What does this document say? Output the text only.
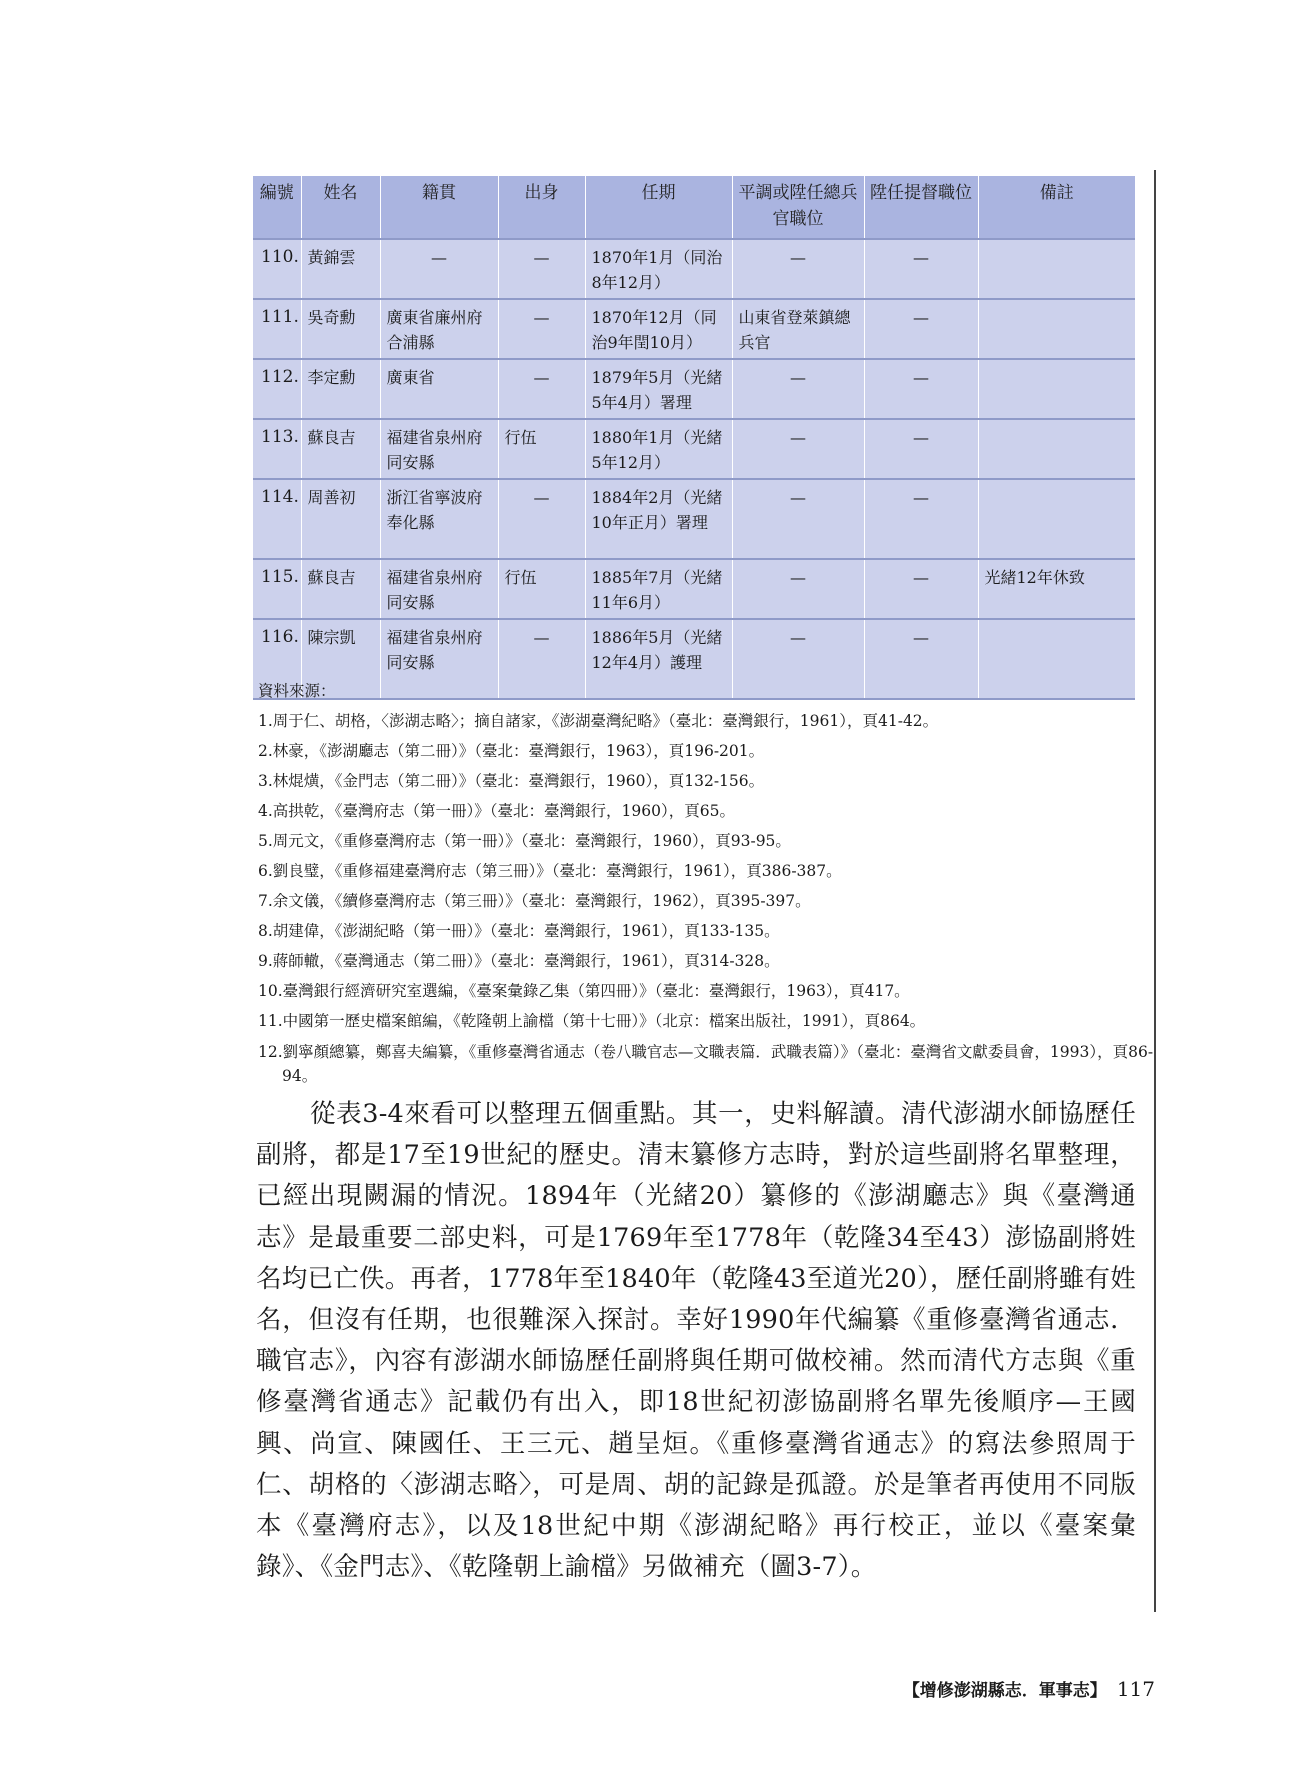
編號	姓名	籍貫	出身	任期	平調或陞任總兵官職位	陞任提督職位	備註
110.	黃錦雲	—	—	1870年1月（同治8年12月）	—	—	
111.	吳奇勳	廣東省廉州府合浦縣	—	1870年12月（同治9年閏10月）	山東省登萊鎮總兵官	—	
112.	李定勳	廣東省	—	1879年5月（光緒5年4月）署理	—	—	
113.	蘇良吉	福建省泉州府同安縣	行伍	1880年1月（光緒5年12月）	—	—	
114.	周善初	浙江省寧波府奉化縣	—	1884年2月（光緒10年正月）署理	—	—	
115.	蘇良吉	福建省泉州府同安縣	行伍	1885年7月（光緒11年6月）	—	—	光緒12年休致
116.	陳宗凱	福建省泉州府同安縣	—	1886年5月（光緒12年4月）護理	—	—	
資料來源：
1.周于仁、胡格，〈澎湖志略〉；摘自諸家，《澎湖臺灣紀略》（臺北：臺灣銀行，1961），頁41-42。
2.林豪，《澎湖廳志（第二冊）》（臺北：臺灣銀行，1963），頁196-201。
3.林焜熿，《金門志（第二冊）》（臺北：臺灣銀行，1960），頁132-156。
4.高拱乾，《臺灣府志（第一冊）》（臺北：臺灣銀行，1960），頁65。
5.周元文，《重修臺灣府志（第一冊）》（臺北：臺灣銀行，1960），頁93-95。
6.劉良璧，《重修福建臺灣府志（第三冊）》（臺北：臺灣銀行，1961），頁386-387。
7.余文儀，《續修臺灣府志（第三冊）》（臺北：臺灣銀行，1962），頁395-397。
8.胡建偉，《澎湖紀略（第一冊）》（臺北：臺灣銀行，1961），頁133-135。
9.蔣師轍，《臺灣通志（第二冊）》（臺北：臺灣銀行，1961），頁314-328。
10.臺灣銀行經濟研究室選編，《臺案彙錄乙集（第四冊）》（臺北：臺灣銀行，1963），頁417。
11.中國第一歷史檔案館編，《乾隆朝上諭檔（第十七冊）》（北京：檔案出版社，1991），頁864。
12.劉寧顏總纂，鄭喜夫編纂，《重修臺灣省通志（卷八職官志—文職表篇．武職表篇）》（臺北：臺灣省文獻委員會，1993），頁86-94。

從表3-4來看可以整理五個重點。其一，史料解讀。清代澎湖水師協歷任副將，都是17至19世紀的歷史。清末纂修方志時，對於這些副將名單整理，已經出現闕漏的情況。1894年（光緒20）纂修的《澎湖廳志》與《臺灣通志》是最重要二部史料，可是1769年至1778年（乾隆34至43）澎協副將姓名均已亡佚。再者，1778年至1840年（乾隆43至道光20），歷任副將雖有姓名，但沒有任期，也很難深入探討。幸好1990年代編纂《重修臺灣省通志．職官志》，內容有澎湖水師協歷任副將與任期可做校補。然而清代方志與《重修臺灣省通志》記載仍有出入，即18世紀初澎協副將名單先後順序—王國興、尚宣、陳國任、王三元、趙呈烜。《重修臺灣省通志》的寫法參照周于仁、胡格的〈澎湖志略〉，可是周、胡的記錄是孤證。於是筆者再使用不同版本《臺灣府志》，以及18世紀中期《澎湖紀略》再行校正，並以《臺案彙錄》、《金門志》、《乾隆朝上諭檔》另做補充（圖3-7）。

【增修澎湖縣志．軍事志】 117
